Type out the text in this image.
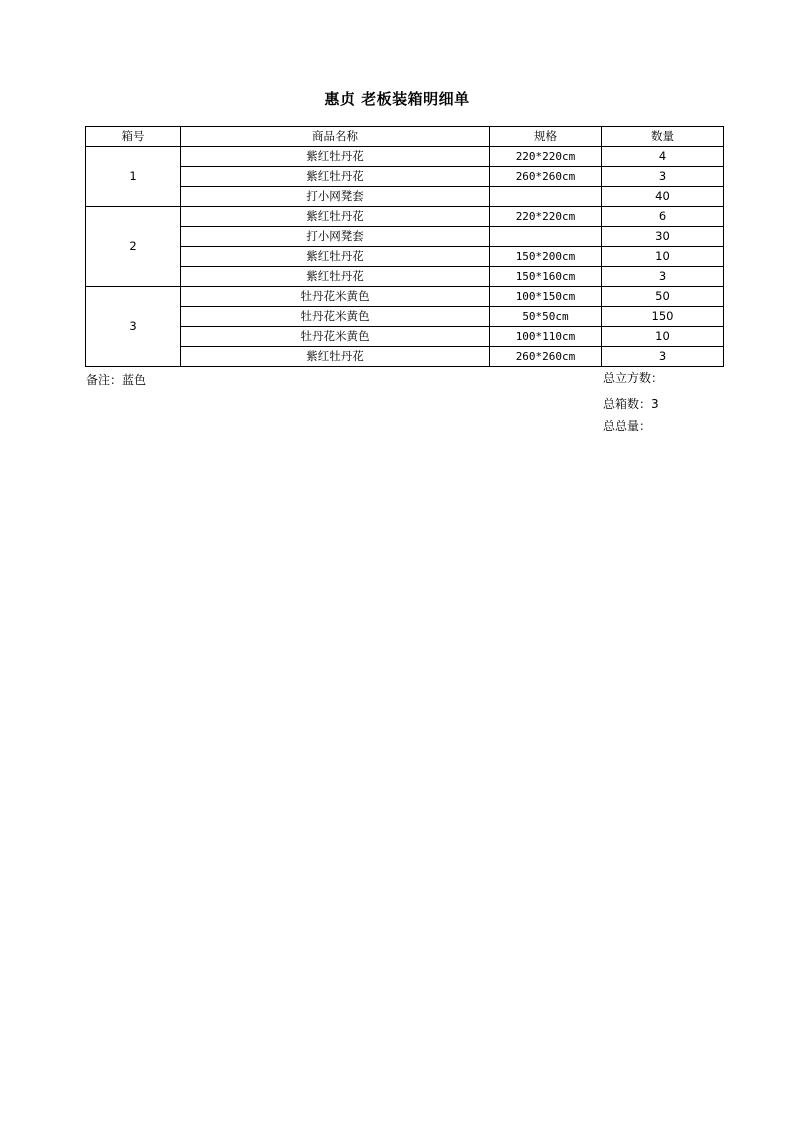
惠贞 老板装箱明细单
箱号	商品名称	规格	数量
1	紫红牡丹花	220*220cm	4
	紫红牡丹花	260*260cm	3
	打小网凳套		40
2	紫红牡丹花	220*220cm	6
	打小网凳套		30
	紫红牡丹花	150*200cm	10
	紫红牡丹花	150*160cm	3
3	牡丹花米黄色	100*150cm	50
	牡丹花米黄色	50*50cm	150
	牡丹花米黄色	100*110cm	10
	紫红牡丹花	260*260cm	3
备注：蓝色	总立方数：
总箱数：3
总总量：
